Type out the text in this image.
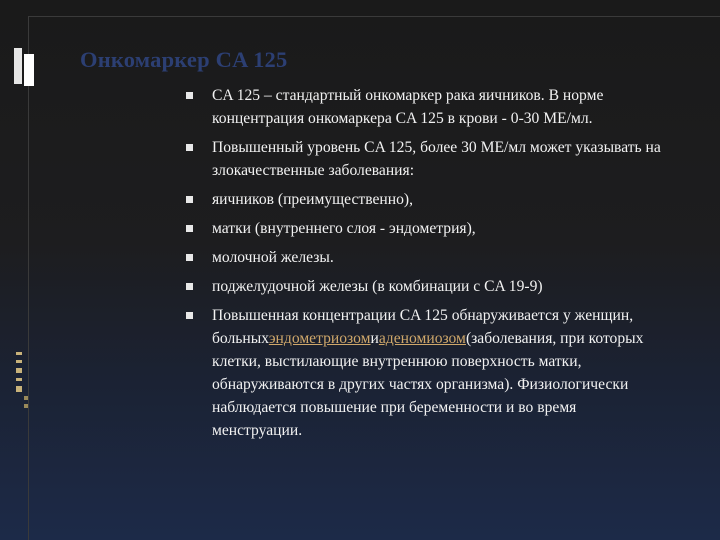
Онкомаркер CA 125
CA 125 – стандартный онкомаркер рака яичников. В норме концентрация онкомаркера CA 125 в крови - 0-30 МЕ/мл.
Повышенный уровень CA 125, более 30 МЕ/мл может указывать на злокачественные заболевания:
яичников (преимущественно),
матки (внутреннего слоя - эндометрия),
молочной железы.
поджелудочной железы (в комбинации с CA 19-9)
Повышенная концентрации CA 125 обнаруживается у женщин, больныхэндометриозомиаденомиозом(заболевания, при которых клетки, выстилающие внутреннюю поверхность матки, обнаруживаются в других частях организма). Физиологически наблюдается повышение при беременности и во время менструации.
